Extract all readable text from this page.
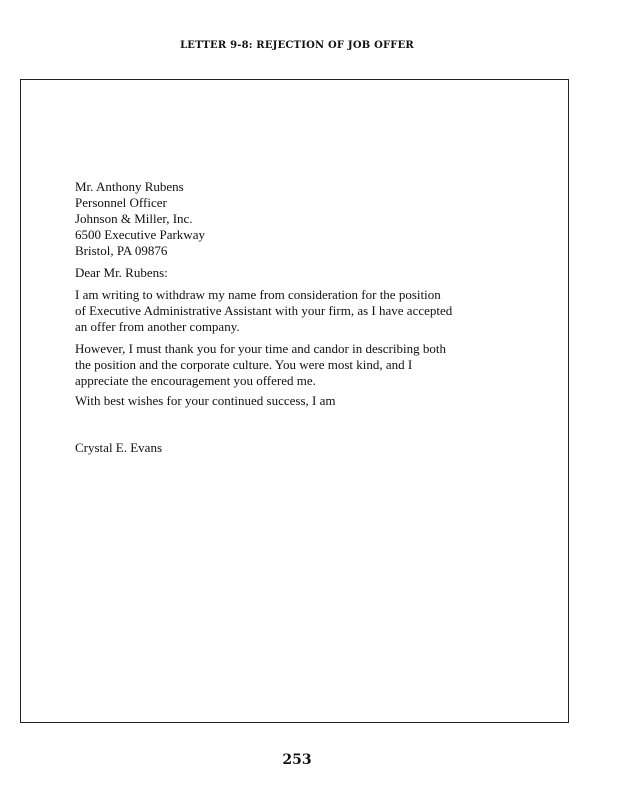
LETTER 9-8: REJECTION OF JOB OFFER
Mr. Anthony Rubens
Personnel Officer
Johnson & Miller, Inc.
6500 Executive Parkway
Bristol, PA 09876
Dear Mr. Rubens:
I am writing to withdraw my name from consideration for the position
of Executive Administrative Assistant with your firm, as I have accepted
an offer from another company.
However, I must thank you for your time and candor in describing both
the position and the corporate culture. You were most kind, and I
appreciate the encouragement you offered me.
With best wishes for your continued success, I am
Crystal E. Evans
253
